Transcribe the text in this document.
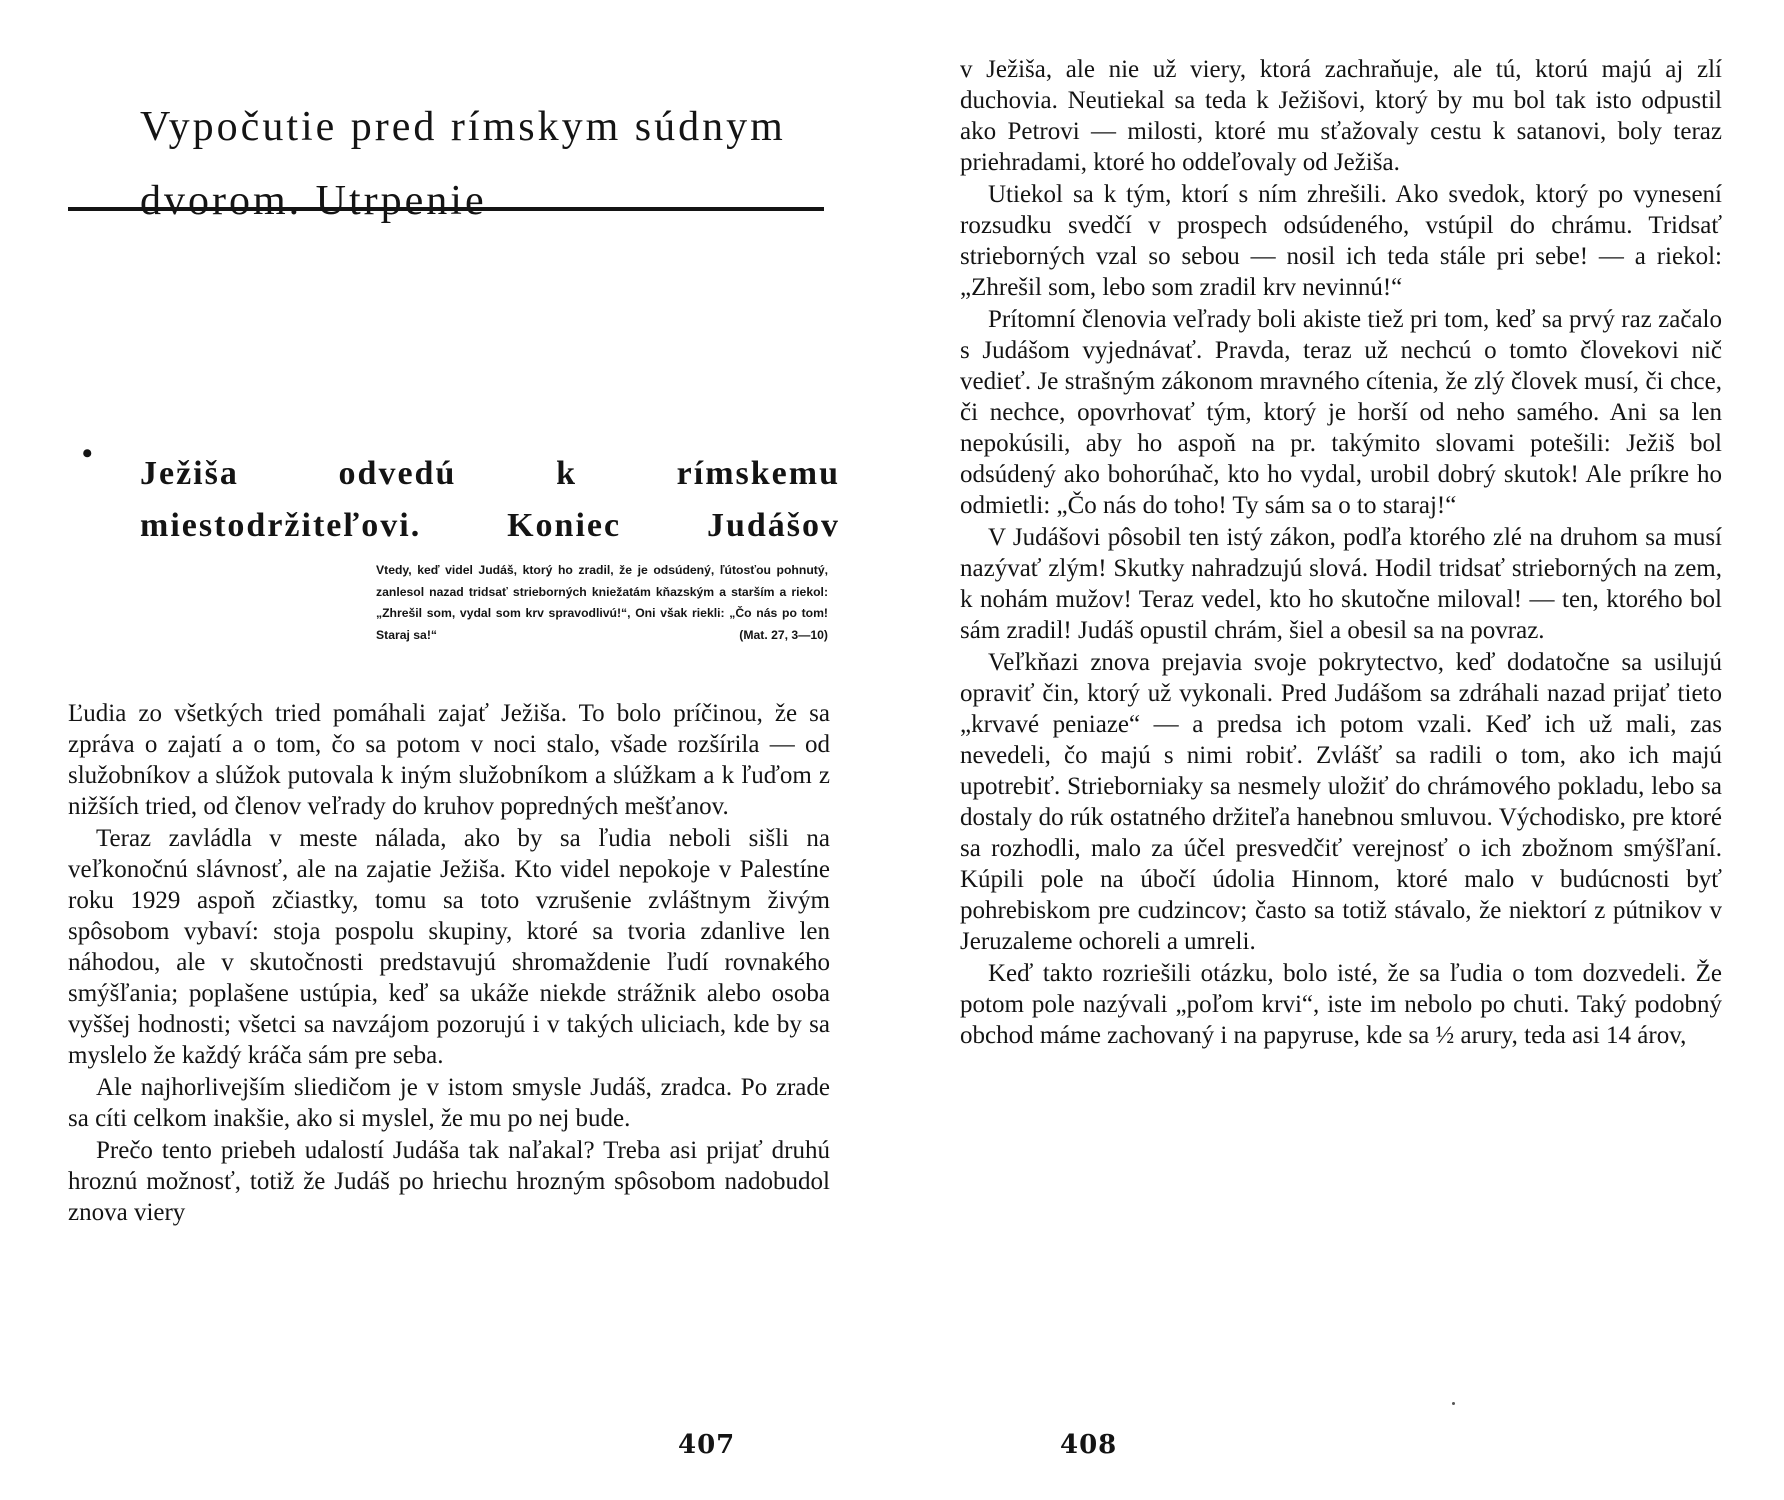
Vypočutie pred rímskym súdnym dvorom. Utrpenie
•
Ježiša odvedú k rímskemu miestodržiteľovi. Koniec Judášov
Vtedy, keď videl Judáš, ktorý ho zradil, že je odsúdený, ľútosťou pohnutý, zanlesol nazad tridsať strieborných kniežatám kňazským a starším a riekol: „Zhrešil som, vydal som krv spravodlivú!“, Oni však riekli: „Čo nás po tom! Staraj sa!“	(Mat. 27, 3—10)

Ľudia zo všetkých tried pomáhali zajať Ježiša. To bolo príčinou, že sa zpráva o zajatí a o tom, čo sa potom v noci stalo, všade rozšírila — od služobníkov a slúžok putovala k iným služobníkom a slúžkam a k ľuďom z nižších tried, od členov veľrady do kruhov popredných mešťanov.

Teraz zavládla v meste nálada, ako by sa ľudia neboli sišli na veľkonočnú slávnosť, ale na zajatie Ježiša. Kto videl nepokoje v Palestíne roku 1929 aspoň zčiastky, tomu sa toto vzrušenie zvláštnym živým spôsobom vybaví: stoja pospolu skupiny, ktoré sa tvoria zdanlive len náhodou, ale v skutočnosti predstavujú shromaždenie ľudí rovnakého smýšľania; poplašene ustúpia, keď sa ukáže niekde strážnik alebo osoba vyššej hodnosti; všetci sa navzájom pozorujú i v takých uliciach, kde by sa myslelo že každý kráča sám pre seba.

Ale najhorlivejším sliedičom je v istom smysle Judáš, zradca. Po zrade sa cíti celkom inakšie, ako si myslel, že mu po nej bude.

Prečo tento priebeh udalostí Judáša tak naľakal? Treba asi prijať druhú hroznú možnosť, totiž že Judáš po hriechu hrozným spôsobom nadobudol znova viery

407

v Ježiša, ale nie už viery, ktorá zachraňuje, ale tú, ktorú majú aj zlí duchovia. Neutiekal sa teda k Ježišovi, ktorý by mu bol tak isto odpustil ako Petrovi — milosti, ktoré mu sťažovaly cestu k satanovi, boly teraz priehradami, ktoré ho oddeľovaly od Ježiša.

Utiekol sa k tým, ktorí s ním zhrešili. Ako svedok, ktorý po vynesení rozsudku svedčí v prospech odsúdeného, vstúpil do chrámu. Tridsať strieborných vzal so sebou — nosil ich teda stále pri sebe! — a riekol: „Zhrešil som, lebo som zradil krv nevinnú!“

Prítomní členovia veľrady boli akiste tiež pri tom, keď sa prvý raz začalo s Judášom vyjednávať. Pravda, teraz už nechcú o tomto človekovi nič vedieť. Je strašným zákonom mravného cítenia, že zlý človek musí, či chce, či nechce, opovrhovať tým, ktorý je horší od neho samého. Ani sa len nepokúsili, aby ho aspoň na pr. takýmito slovami potešili: Ježiš bol odsúdený ako bohorúhač, kto ho vydal, urobil dobrý skutok! Ale príkre ho odmietli: „Čo nás do toho! Ty sám sa o to staraj!“

V Judášovi pôsobil ten istý zákon, podľa ktorého zlé na druhom sa musí nazývať zlým! Skutky nahradzujú slová. Hodil tridsať strieborných na zem, k nohám mužov! Teraz vedel, kto ho skutočne miloval! — ten, ktorého bol sám zradil! Judáš opustil chrám, šiel a obesil sa na povraz.

Veľkňazi znova prejavia svoje pokrytectvo, keď dodatočne sa usilujú opraviť čin, ktorý už vykonali. Pred Judášom sa zdráhali nazad prijať tieto „krvavé peniaze“ — a predsa ich potom vzali. Keď ich už mali, zas nevedeli, čo majú s nimi robiť. Zvlášť sa radili o tom, ako ich majú upotrebiť. Strieborniaky sa nesmely uložiť do chrámového pokladu, lebo sa dostaly do rúk ostatného držiteľa hanebnou smluvou. Východisko, pre ktoré sa rozhodli, malo za účel presvedčiť verejnosť o ich zbožnom smýšľaní. Kúpili pole na úbočí údolia Hinnom, ktoré malo v budúcnosti byť pohrebiskom pre cudzincov; často sa totiž stávalo, že niektorí z pútnikov v Jeruzaleme ochoreli a umreli.

Keď takto rozriešili otázku, bolo isté, že sa ľudia o tom dozvedeli. Že potom pole nazývali „poľom krvi“, iste im nebolo po chuti. Taký podobný obchod máme zachovaný i na papyruse, kde sa ½ arury, teda asi 14 árov,

408
